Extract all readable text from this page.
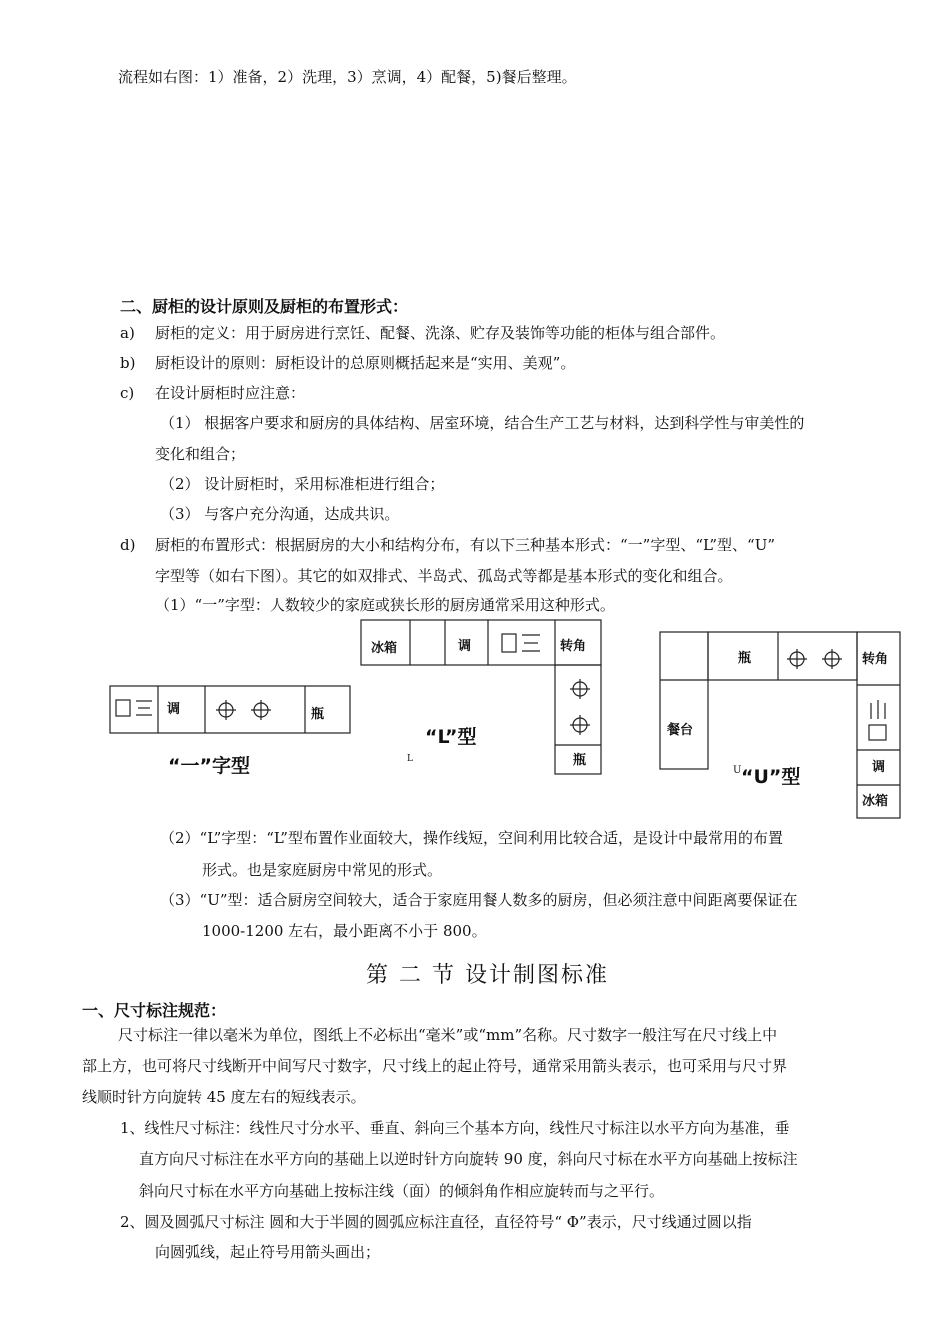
流程如右图：1）准备，2）洗理，3）烹调，4）配餐，5)餐后整理。
二、厨柜的设计原则及厨柜的布置形式：
a) 厨柜的定义：用于厨房进行烹饪、配餐、洗涤、贮存及装饰等功能的柜体与组合部件。
b) 厨柜设计的原则：厨柜设计的总原则概括起来是“实用、美观”。
c) 在设计厨柜时应注意：
（1） 根据客户要求和厨房的具体结构、居室环境，结合生产工艺与材料，达到科学性与审美性的
变化和组合；
（2） 设计厨柜时，采用标准柜进行组合；
（3） 与客户充分沟通，达成共识。
d) 厨柜的布置形式：根据厨房的大小和结构分布，有以下三种基本形式：“一”字型、“L”型、“U”
字型等（如右下图）。其它的如双排式、半岛式、孤岛式等都是基本形式的变化和组合。
（1）“一”字型：人数较少的家庭或狭长形的厨房通常采用这种形式。
调	瓶
“一”字型
冰箱	调	转角
瓶
L
“L”型	餐台
瓶	转角
调
冰箱
U “U”型
（2）“L”字型：“L”型布置作业面较大，操作线短，空间利用比较合适，是设计中最常用的布置
形式。也是家庭厨房中常见的形式。
（3）“U”型：适合厨房空间较大，适合于家庭用餐人数多的厨房，但必须注意中间距离要保证在
1000-1200 左右，最小距离不小于 800。
第 二 节 设计制图标准
一、尺寸标注规范：
尺寸标注一律以毫米为单位，图纸上不必标出“毫米”或“mm”名称。尺寸数字一般注写在尺寸线上中
部上方，也可将尺寸线断开中间写尺寸数字，尺寸线上的起止符号，通常采用箭头表示，也可采用与尺寸界
线顺时针方向旋转 45 度左右的短线表示。
1、线性尺寸标注：线性尺寸分水平、垂直、斜向三个基本方向，线性尺寸标注以水平方向为基准，垂
直方向尺寸标注在水平方向的基础上以逆时针方向旋转 90 度，斜向尺寸标在水平方向基础上按标注
斜向尺寸标在水平方向基础上按标注线（面）的倾斜角作相应旋转而与之平行。
2、圆及圆弧尺寸标注 圆和大于半圆的圆弧应标注直径，直径符号“ Φ”表示，尺寸线通过圆以指
向圆弧线，起止符号用箭头画出；
